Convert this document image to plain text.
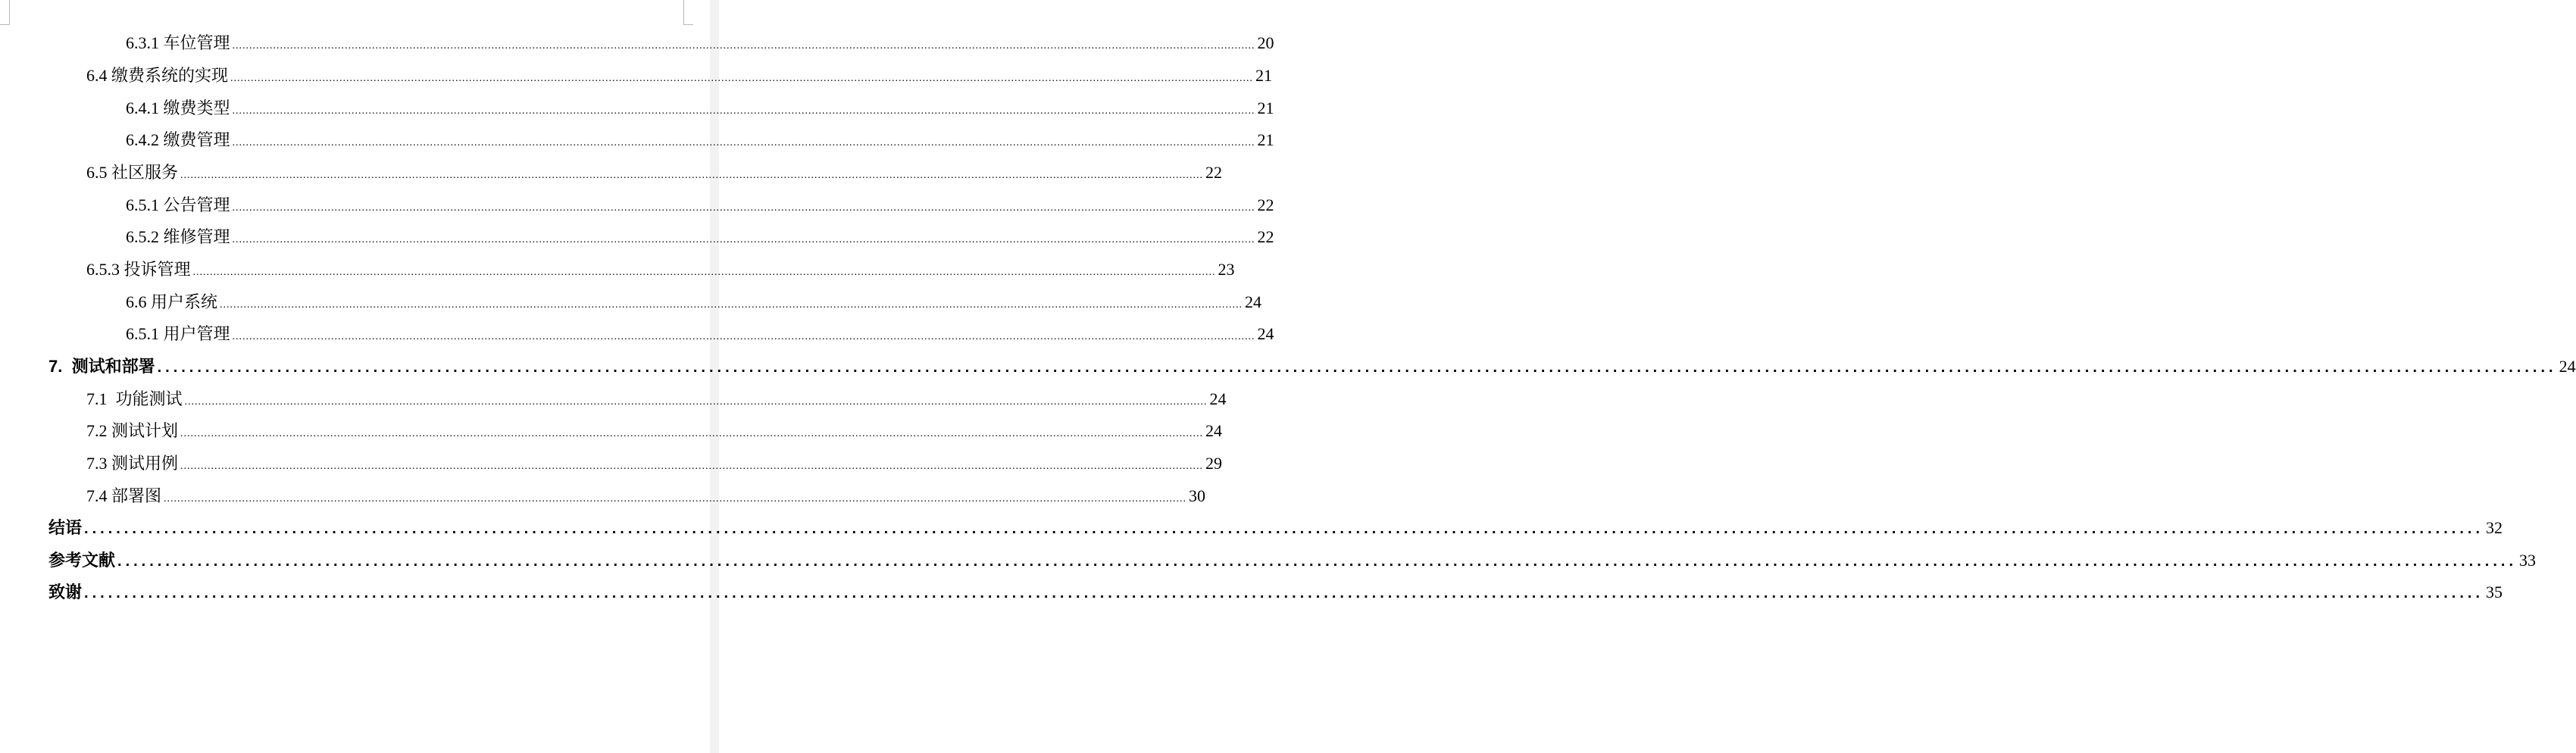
6.3.1 车位管理 ............................................................................................................................................................................................................................................................................................................ 20
6.4 缴费系统的实现 ............................................................................................................................................................................................................................................................................................................ 21
6.4.1 缴费类型 ............................................................................................................................................................................................................................................................................................................ 21
6.4.2 缴费管理 ............................................................................................................................................................................................................................................................................................................ 21
6.5 社区服务 ............................................................................................................................................................................................................................................................................................................ 22
6.5.1 公告管理 ............................................................................................................................................................................................................................................................................................................ 22
6.5.2 维修管理 ............................................................................................................................................................................................................................................................................................................ 22
6.5.3 投诉管理 ............................................................................................................................................................................................................................................................................................................ 23
6.6 用户系统 ............................................................................................................................................................................................................................................................................................................ 24
6.5.1 用户管理 ............................................................................................................................................................................................................................................................................................................ 24
7.  测试和部署 ............................................................................................................................................................................................................................................................................................................ 24
7.1  功能测试 ............................................................................................................................................................................................................................................................................................................ 24
7.2 测试计划 ............................................................................................................................................................................................................................................................................................................ 24
7.3 测试用例 ............................................................................................................................................................................................................................................................................................................ 29
7.4 部署图 ............................................................................................................................................................................................................................................................................................................ 30
结语 ............................................................................................................................................................................................................................................................................................................ 32
参考文献 ............................................................................................................................................................................................................................................................................................................ 33
致谢 ............................................................................................................................................................................................................................................................................................................ 35
